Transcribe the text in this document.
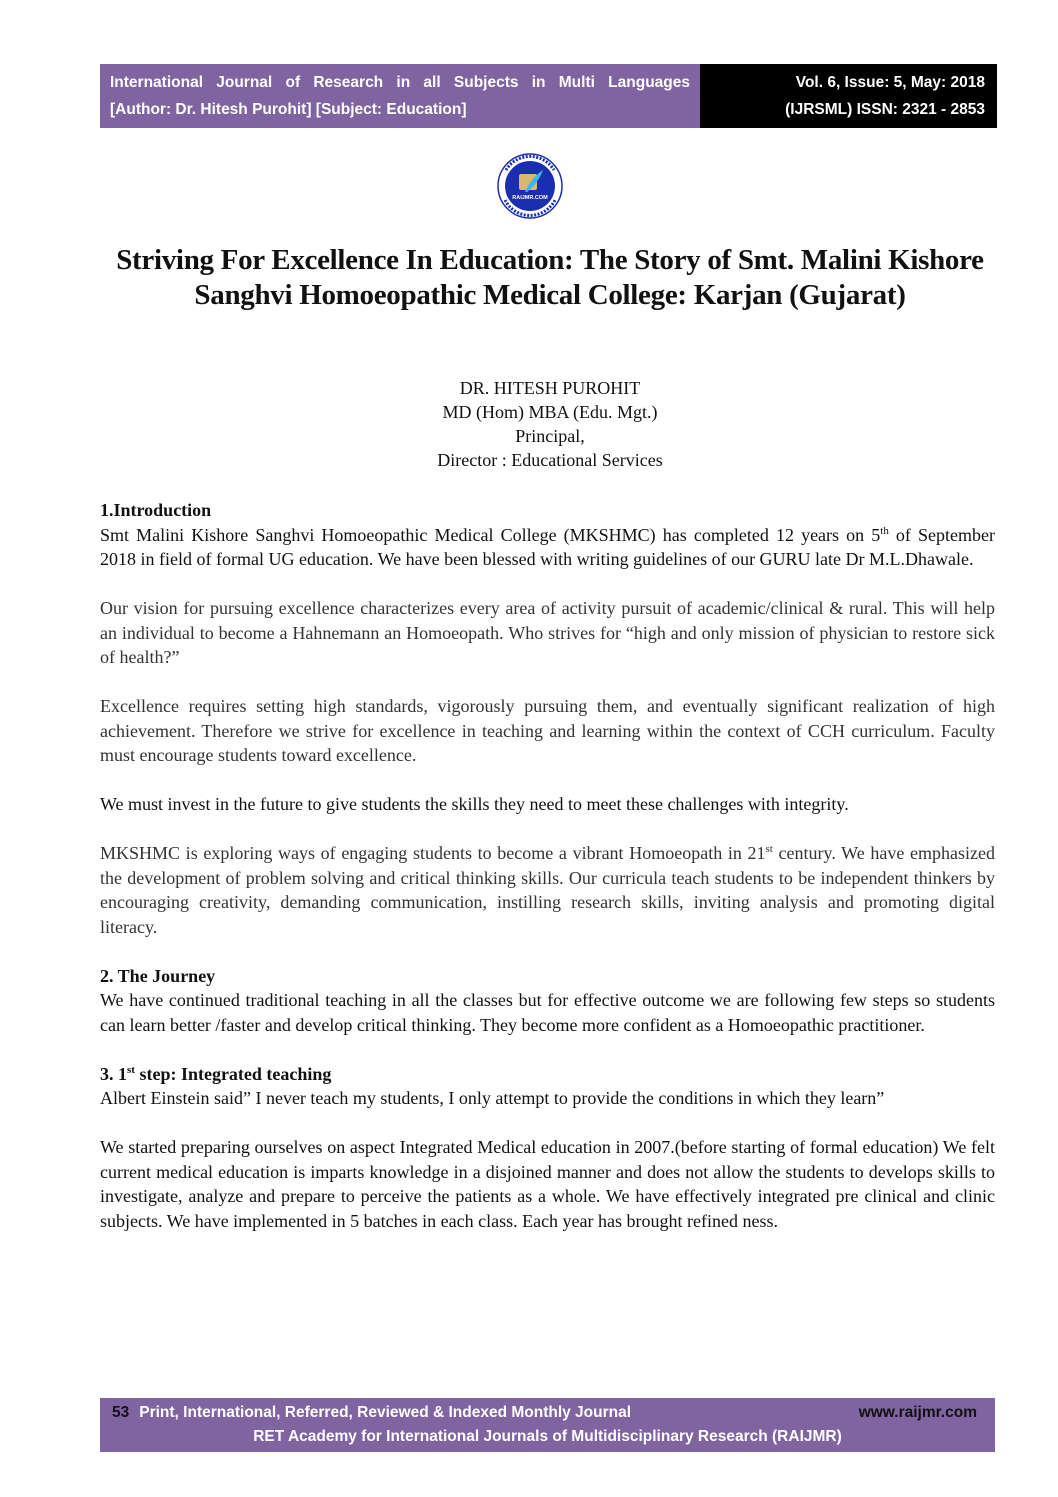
International Journal of Research in all Subjects in Multi Languages
[Author: Dr. Hitesh Purohit] [Subject: Education]
Vol. 6, Issue: 5, May: 2018
(IJRSML) ISSN: 2321 - 2853
RAIJMR.COM
Striving For Excellence In Education: The Story of Smt. Malini Kishore Sanghvi Homoeopathic Medical College: Karjan (Gujarat)
DR. HITESH PUROHIT
MD (Hom) MBA (Edu. Mgt.)
Principal,
Director : Educational Services
1.Introduction

Smt Malini Kishore Sanghvi Homoeopathic Medical College (MKSHMC) has completed 12 years on 5th of September 2018 in field of formal UG education. We have been blessed with writing guidelines of our GURU late Dr M.L.Dhawale.

Our vision for pursuing excellence characterizes every area of activity pursuit of academic/clinical & rural. This will help an individual to become a Hahnemann an Homoeopath. Who strives for “high and only mission of physician to restore sick of health?”

Excellence requires setting high standards, vigorously pursuing them, and eventually significant realization of high achievement. Therefore we strive for excellence in teaching and learning within the context of CCH curriculum. Faculty must encourage students toward excellence.

We must invest in the future to give students the skills they need to meet these challenges with integrity.

MKSHMC is exploring ways of engaging students to become a vibrant Homoeopath in 21st century. We have emphasized the development of problem solving and critical thinking skills. Our curricula teach students to be independent thinkers by encouraging creativity, demanding communication, instilling research skills, inviting analysis and promoting digital literacy.

2. The Journey

We have continued traditional teaching in all the classes but for effective outcome we are following few steps so students can learn better /faster and develop critical thinking. They become more confident as a Homoeopathic practitioner.

3. 1st step: Integrated teaching

Albert Einstein said” I never teach my students, I only attempt to provide the conditions in which they learn”

We started preparing ourselves on aspect Integrated Medical education in 2007.(before starting of formal education) We felt current medical education is imparts knowledge in a disjoined manner and does not allow the students to develops skills to investigate, analyze and prepare to perceive the patients as a whole. We have effectively integrated pre clinical and clinic subjects. We have implemented in 5 batches in each class. Each year has brought refined ness.

53 Print, International, Referred, Reviewed & Indexed Monthly Journal	www.raijmr.com
RET Academy for International Journals of Multidisciplinary Research (RAIJMR)
